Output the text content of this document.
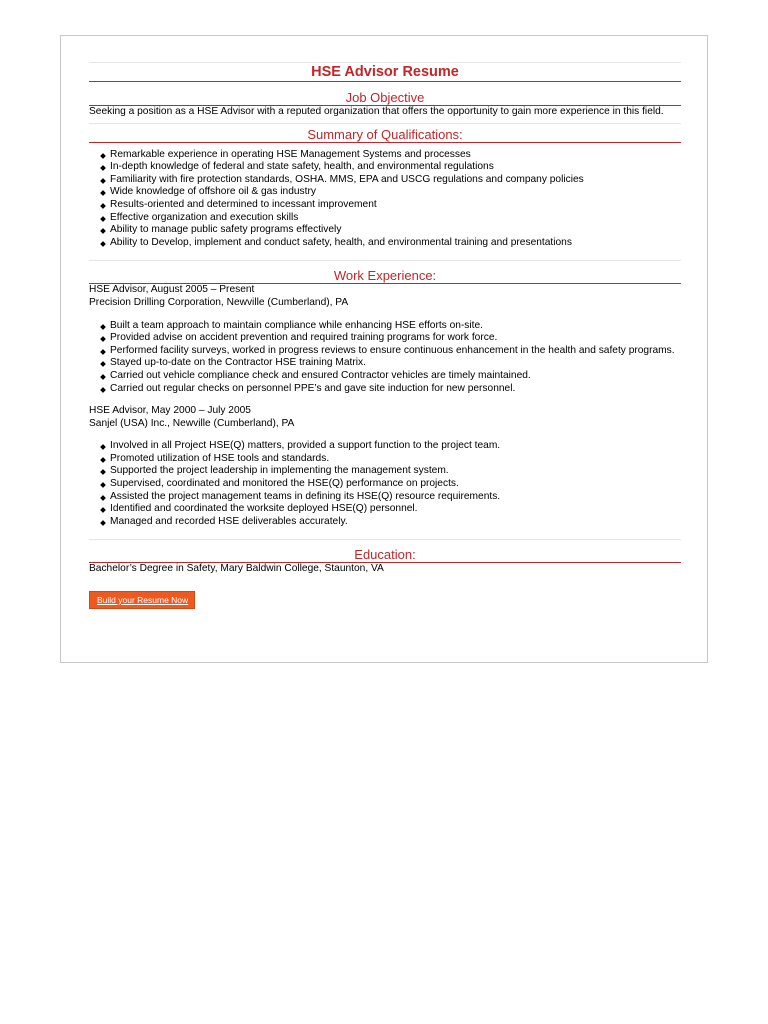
HSE Advisor Resume
Job Objective

Seeking a position as a HSE Advisor with a reputed organization that offers the opportunity to gain more experience in this field.

Summary of Qualifications:
Remarkable experience in operating HSE Management Systems and processes
In-depth knowledge of federal and state safety, health, and environmental regulations
Familiarity with fire protection standards, OSHA. MMS, EPA and USCG regulations and company policies
Wide knowledge of offshore oil & gas industry
Results-oriented and determined to incessant improvement
Effective organization and execution skills
Ability to manage public safety programs effectively
Ability to Develop, implement and conduct safety, health, and environmental training and presentations
Work Experience:
HSE Advisor, August 2005 – Present
Precision Drilling Corporation, Newville (Cumberland), PA
Built a team approach to maintain compliance while enhancing HSE efforts on-site.
Provided advise on accident prevention and required training programs for work force.
Performed facility surveys, worked in progress reviews to ensure continuous enhancement in the health and safety programs.
Stayed up-to-date on the Contractor HSE training Matrix.
Carried out vehicle compliance check and ensured Contractor vehicles are timely maintained.
Carried out regular checks on personnel PPE’s and gave site induction for new personnel.
HSE Advisor, May 2000 – July 2005
Sanjel (USA) Inc., Newville (Cumberland), PA
Involved in all Project HSE(Q) matters, provided a support function to the project team.
Promoted utilization of HSE tools and standards.
Supported the project leadership in implementing the management system.
Supervised, coordinated and monitored the HSE(Q) performance on projects.
Assisted the project management teams in defining its HSE(Q) resource requirements.
Identified and coordinated the worksite deployed HSE(Q) personnel.
Managed and recorded HSE deliverables accurately.
Education:

Bachelor’s Degree in Safety, Mary Baldwin College, Staunton, VA

Build your Resume Now
